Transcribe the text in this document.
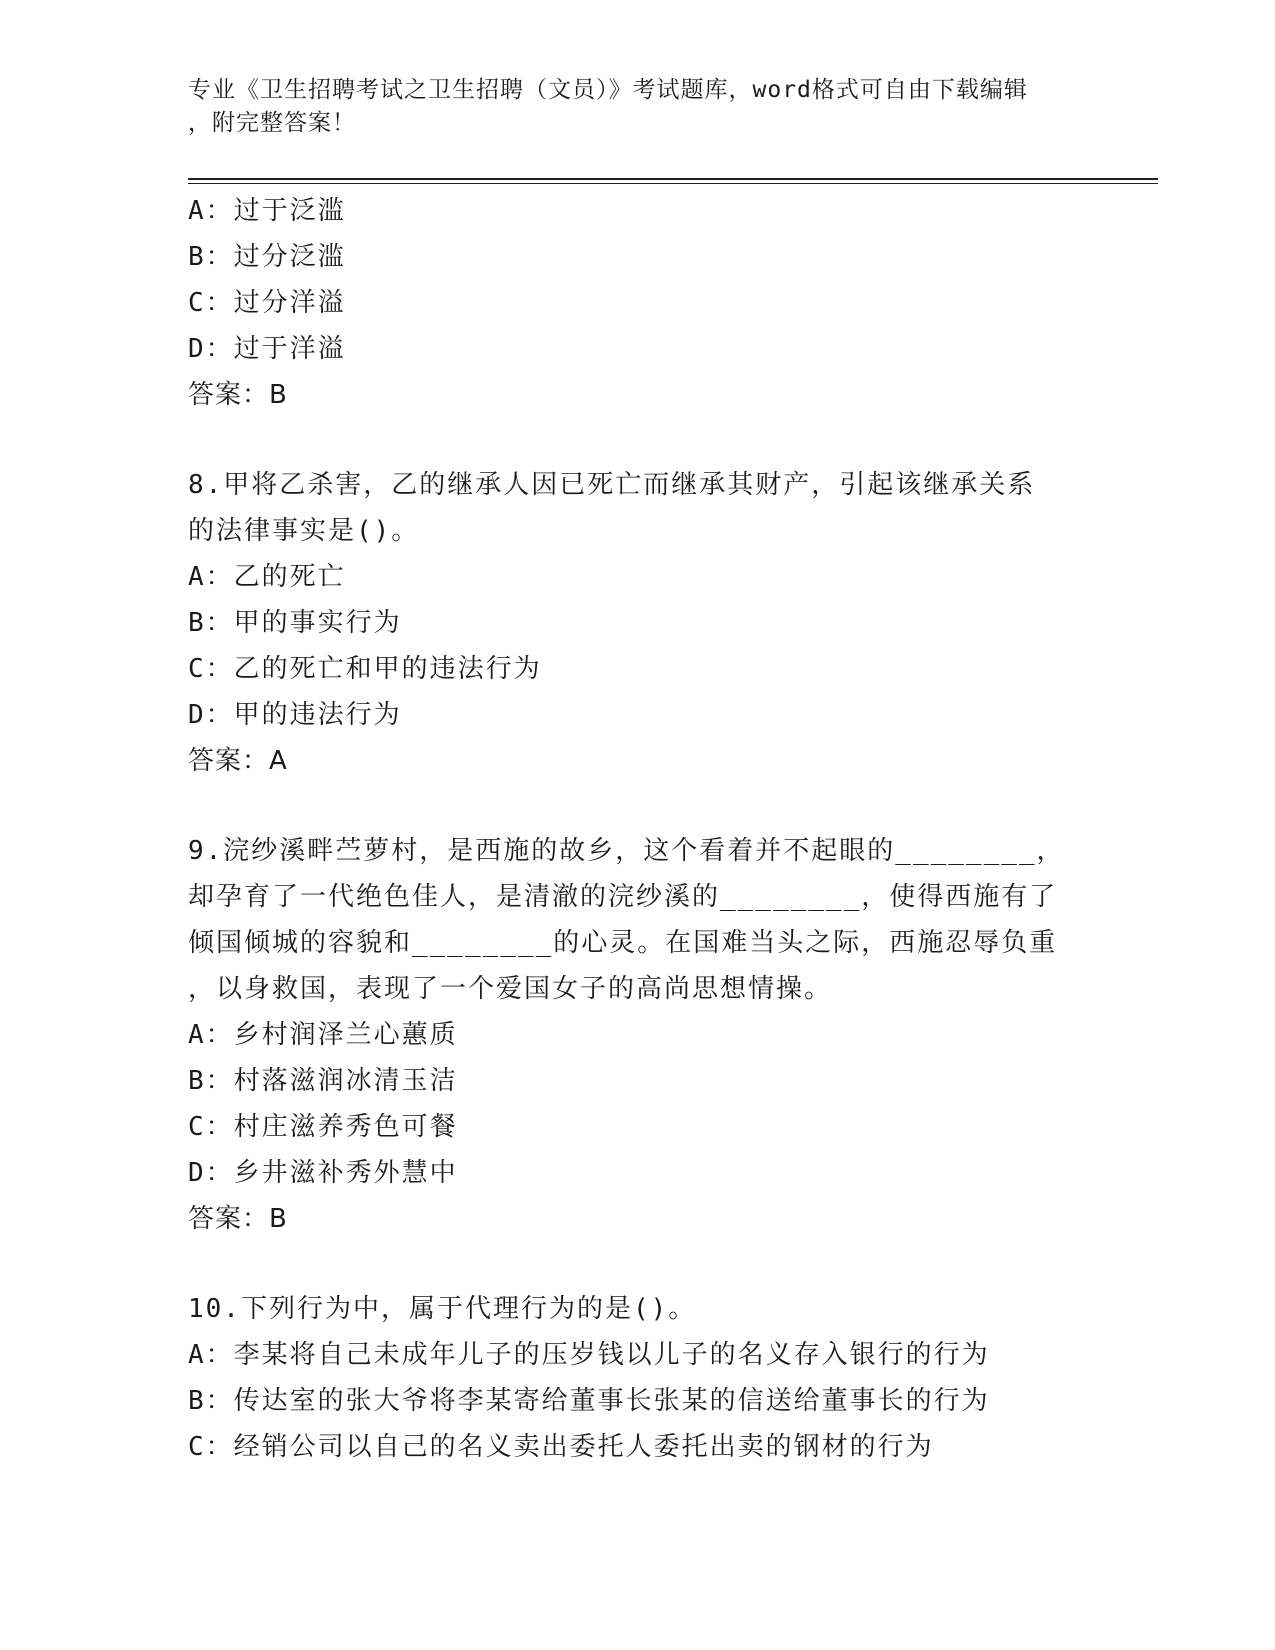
专业《卫生招聘考试之卫生招聘（文员）》考试题库，word格式可自由下载编辑
，附完整答案！
A：过于泛滥
B：过分泛滥
C：过分洋溢
D：过于洋溢
答案：B
8.甲将乙杀害，乙的继承人因已死亡而继承其财产，引起该继承关系
的法律事实是()。
A：乙的死亡
B：甲的事实行为
C：乙的死亡和甲的违法行为
D：甲的违法行为
答案：A
9.浣纱溪畔苎萝村，是西施的故乡，这个看着并不起眼的________，
却孕育了一代绝色佳人，是清澈的浣纱溪的________，使得西施有了
倾国倾城的容貌和________的心灵。在国难当头之际，西施忍辱负重
，以身救国，表现了一个爱国女子的高尚思想情操。
A：乡村润泽兰心蕙质
B：村落滋润冰清玉洁
C：村庄滋养秀色可餐
D：乡井滋补秀外慧中
答案：B
10.下列行为中，属于代理行为的是()。
A：李某将自己未成年儿子的压岁钱以儿子的名义存入银行的行为
B：传达室的张大爷将李某寄给董事长张某的信送给董事长的行为
C：经销公司以自己的名义卖出委托人委托出卖的钢材的行为
